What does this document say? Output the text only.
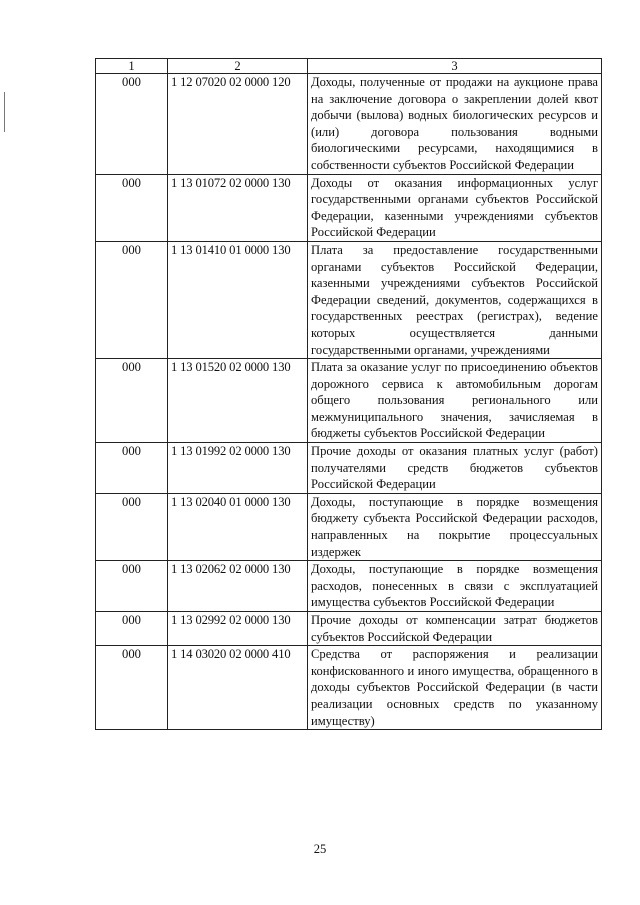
1	2	3
000	1 12 07020 02 0000 120	Доходы, полученные от продажи на аукционе права на заключение договора о закреплении долей квот добычи (вылова) водных биологических ресурсов и (или) договора пользования водными биологическими ресурсами, находящимися в собственности субъектов Российской Федерации
000	1 13 01072 02 0000 130	Доходы от оказания информационных услуг государственными органами субъектов Российской Федерации, казенными учреждениями субъектов Российской Федерации
000	1 13 01410 01 0000 130	Плата за предоставление государственными органами субъектов Российской Федерации, казенными учреждениями субъектов Российской Федерации сведений, документов, содержащихся в государственных реестрах (регистрах), ведение которых осуществляется данными государственными органами, учреждениями
000	1 13 01520 02 0000 130	Плата за оказание услуг по присоединению объектов дорожного сервиса к автомобильным дорогам общего пользования регионального или межмуниципального значения, зачисляемая в бюджеты субъектов Российской Федерации
000	1 13 01992 02 0000 130	Прочие доходы от оказания платных услуг (работ) получателями средств бюджетов субъектов Российской Федерации
000	1 13 02040 01 0000 130	Доходы, поступающие в порядке возмещения бюджету субъекта Российской Федерации расходов, направленных на покрытие процессуальных издержек
000	1 13 02062 02 0000 130	Доходы, поступающие в порядке возмещения расходов, понесенных в связи с эксплуатацией имущества субъектов Российской Федерации
000	1 13 02992 02 0000 130	Прочие доходы от компенсации затрат бюджетов субъектов Российской Федерации
000	1 14 03020 02 0000 410	Средства от распоряжения и реализации конфискованного и иного имущества, обращенного в доходы субъектов Российской Федерации (в части реализации основных средств по указанному имуществу)
25
